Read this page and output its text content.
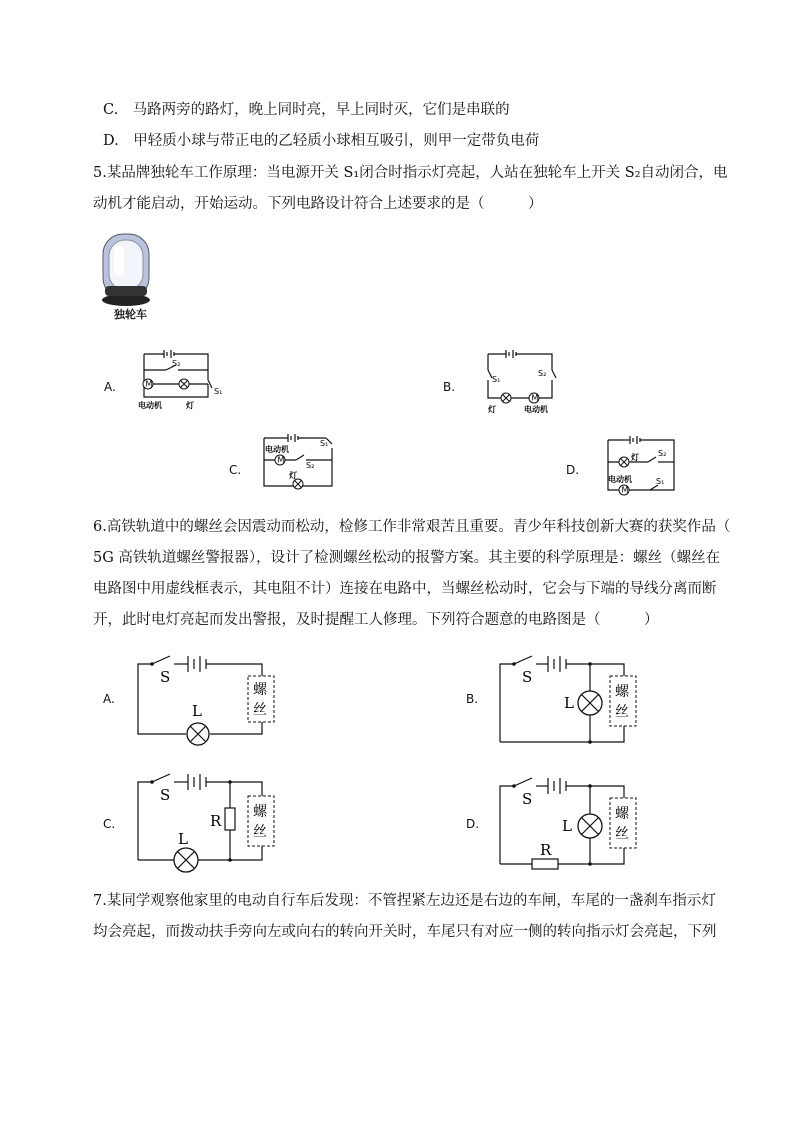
C.　马路两旁的路灯，晚上同时亮，早上同时灭，它们是串联的
D.　甲轻质小球与带正电的乙轻质小球相互吸引，则甲一定带负电荷
5.某品牌独轮车工作原理：当电源开关 S₁闭合时指示灯亮起，人站在独轮车上开关 S₂自动闭合，电
动机才能启动，开始运动。下列电路设计符合上述要求的是（　　　）
独轮车
A.	B.
C.	D.
M
S₂
S₁
电动机	灯
M
S₁
S₂
灯	电动机
M
电动机
灯
S₁
S₂
M
灯 S₂
电动机	S₁
6.高铁轨道中的螺丝会因震动而松动，检修工作非常艰苦且重要。青少年科技创新大赛的获奖作品（
5G 高铁轨道螺丝警报器），设计了检测螺丝松动的报警方案。其主要的科学原理是：螺丝（螺丝在
电路图中用虚线框表示，其电阻不计）连接在电路中，当螺丝松动时，它会与下端的导线分离而断
开，此时电灯亮起而发出警报，及时提醒工人修理。下列符合题意的电路图是（　　　）
A.	B.
C.	D.
S
L
螺
丝
S
L
螺
丝
S
L
R 螺
丝
S
L
R
螺
丝
7.某同学观察他家里的电动自行车后发现：不管捏紧左边还是右边的车闸，车尾的一盏刹车指示灯
均会亮起，而拨动扶手旁向左或向右的转向开关时，车尾只有对应一侧的转向指示灯会亮起，下列
